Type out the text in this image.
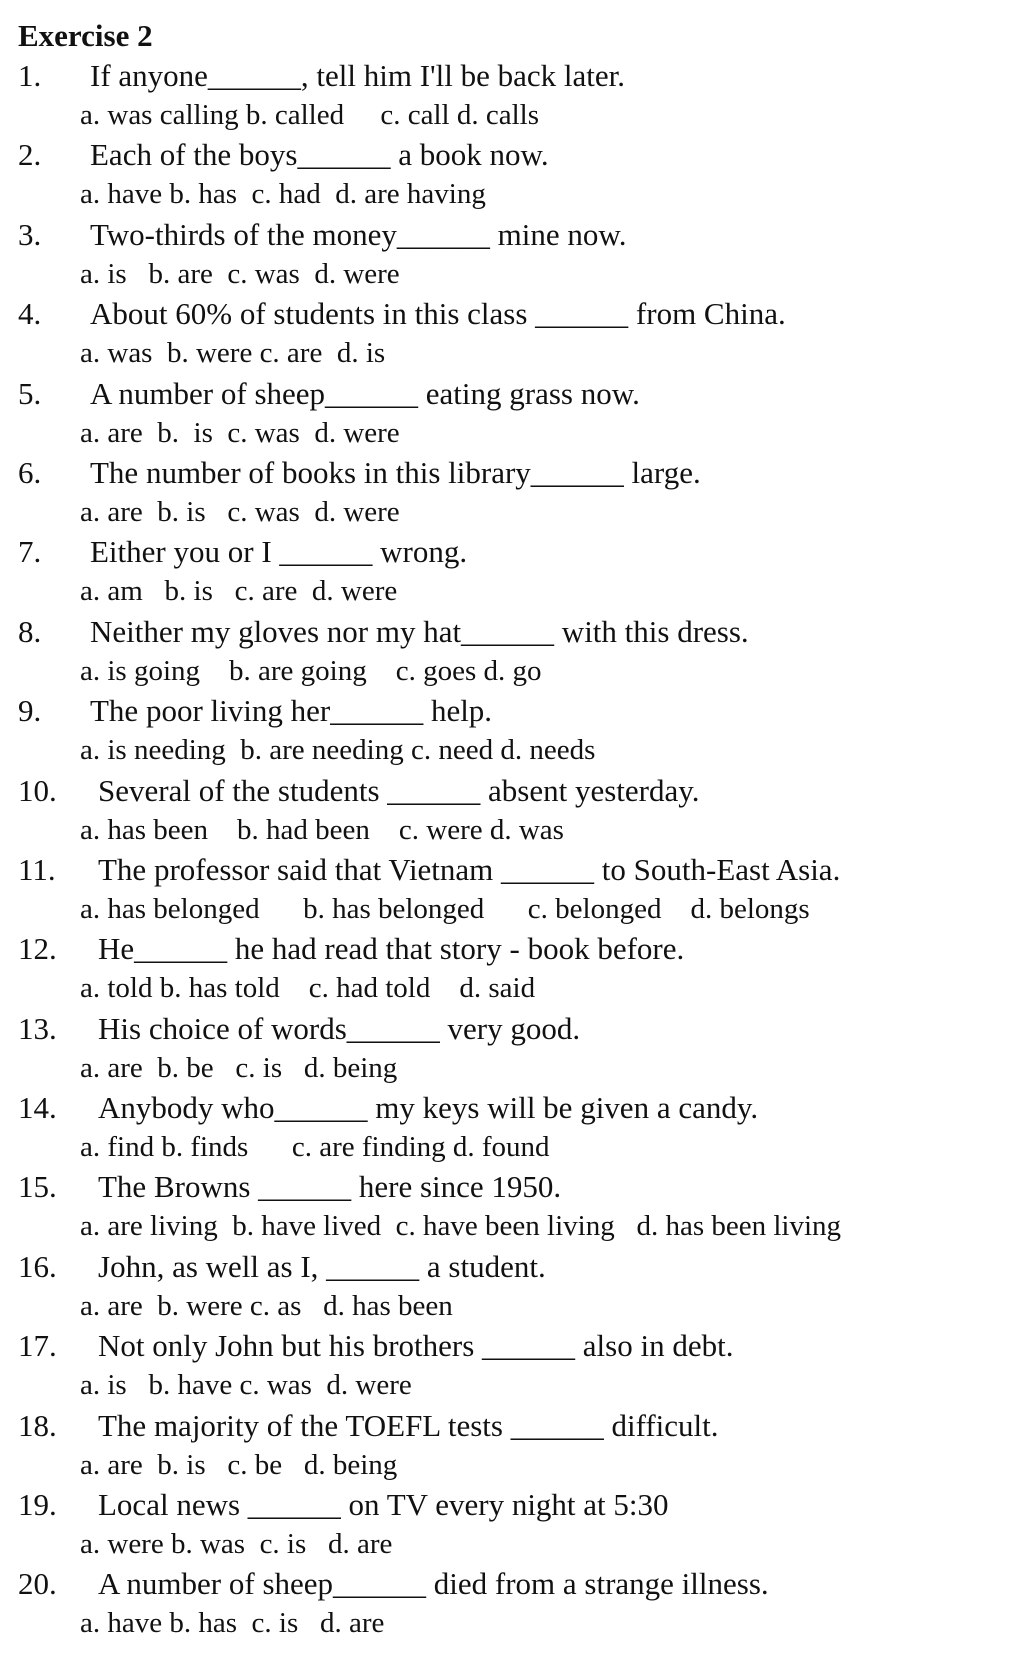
Exercise 2
1.	If anyone______, tell him I'll be back later.
a. was calling b. called     c. call d. calls
2.	Each of the boys______ a book now.
a. have b. has  c. had  d. are having
3.	Two-thirds of the money______ mine now.
a. is   b. are  c. was  d. were
4.	About 60% of students in this class ______ from China.
a. was  b. were c. are  d. is
5.	A number of sheep______ eating grass now.
a. are  b.  is  c. was  d. were
6.	The number of books in this library______ large.
a. are  b. is   c. was  d. were
7.	Either you or I ______ wrong.
a. am   b. is   c. are  d. were
8.	Neither my gloves nor my hat______ with this dress.
a. is going    b. are going    c. goes d. go
9.	The poor living her______ help.
a. is needing  b. are needing c. need d. needs
10.	Several of the students ______ absent yesterday.
a. has been    b. had been    c. were d. was
11.	The professor said that Vietnam ______ to South-East Asia.
a. has belonged      b. has belonged      c. belonged    d. belongs
12.	He______ he had read that story - book before.
a. told b. has told    c. had told    d. said
13.	His choice of words______ very good.
a. are  b. be   c. is   d. being
14.	Anybody who______ my keys will be given a candy.
a. find b. finds      c. are finding d. found
15.	The Browns ______ here since 1950.
a. are living  b. have lived  c. have been living   d. has been living
16.	John, as well as I, ______ a student.
a. are  b. were c. as   d. has been
17.	Not only John but his brothers ______ also in debt.
a. is   b. have c. was  d. were
18.	The majority of the TOEFL tests ______ difficult.
a. are  b. is   c. be   d. being
19.	Local news ______ on TV every night at 5:30
a. were b. was  c. is   d. are
20.	A number of sheep______ died from a strange illness.
a. have b. has  c. is   d. are
